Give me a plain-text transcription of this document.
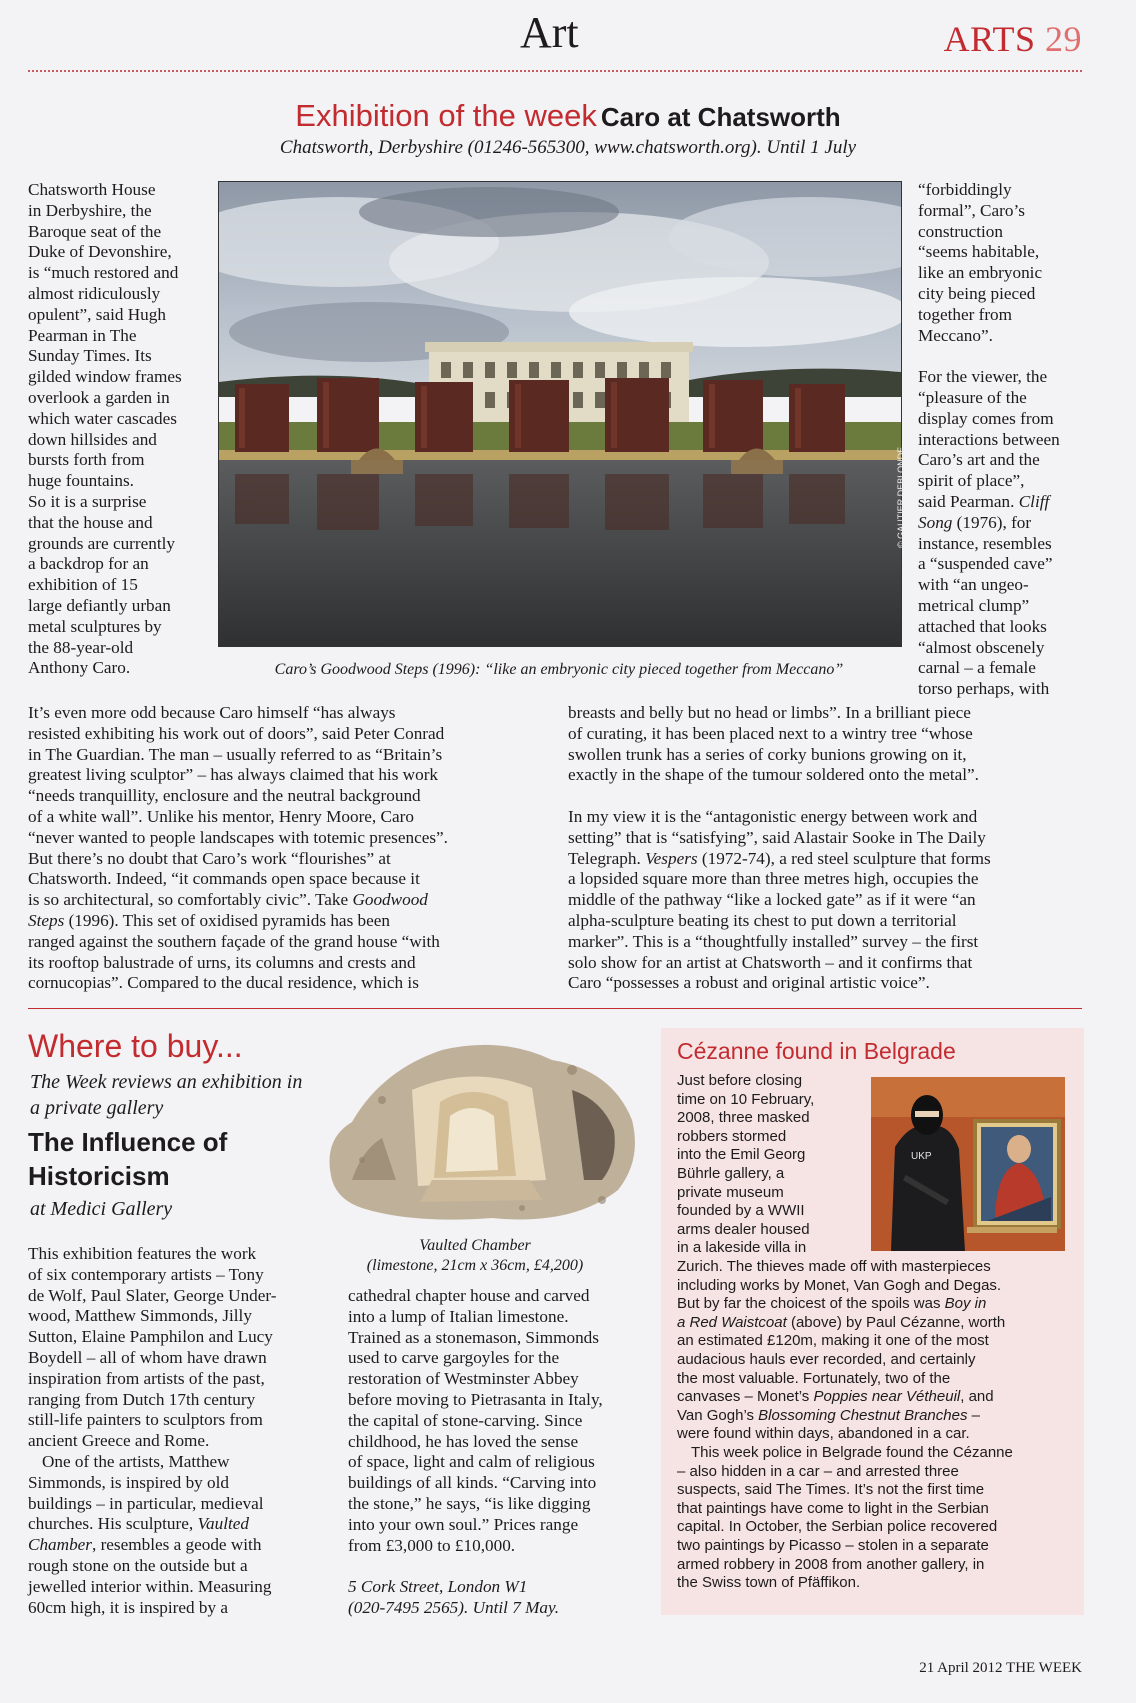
Art	ARTS 29
Exhibition of the week Caro at Chatsworth
Chatsworth, Derbyshire (01246-565300, www.chatsworth.org). Until 1 July
Chatsworth House
in Derbyshire, the
Baroque seat of the
Duke of Devonshire,
is “much restored and
almost ridiculously
opulent”, said Hugh
Pearman in The
Sunday Times. Its
gilded window frames
overlook a garden in
which water cascades
down hillsides and
bursts forth from
huge fountains.
So it is a surprise
that the house and
grounds are currently
a backdrop for an
exhibition of 15
large defiantly urban
metal sculptures by
the 88-year-old
Anthony Caro.
© GAUTIER DEBLONDE
Caro’s Goodwood Steps (1996): “like an embryonic city pieced together from Meccano”
“forbiddingly
formal”, Caro’s
construction
“seems habitable,
like an embryonic
city being pieced
together from
Meccano”.
For the viewer, the
“pleasure of the
display comes from
interactions between
Caro’s art and the
spirit of place”,
said Pearman. Cliff
Song (1976), for
instance, resembles
a “suspended cave”
with “an ungeo-
metrical clump”
attached that looks
“almost obscenely
carnal – a female
torso perhaps, with
It’s even more odd because Caro himself “has always
resisted exhibiting his work out of doors”, said Peter Conrad
in The Guardian. The man – usually referred to as “Britain’s
greatest living sculptor” – has always claimed that his work
“needs tranquillity, enclosure and the neutral background
of a white wall”. Unlike his mentor, Henry Moore, Caro
“never wanted to people landscapes with totemic presences”.
But there’s no doubt that Caro’s work “flourishes” at
Chatsworth. Indeed, “it commands open space because it
is so architectural, so comfortably civic”. Take Goodwood
Steps (1996). This set of oxidised pyramids has been
ranged against the southern façade of the grand house “with
its rooftop balustrade of urns, its columns and crests and
cornucopias”. Compared to the ducal residence, which is
breasts and belly but no head or limbs”. In a brilliant piece
of curating, it has been placed next to a wintry tree “whose
swollen trunk has a series of corky bunions growing on it,
exactly in the shape of the tumour soldered onto the metal”.
In my view it is the “antagonistic energy between work and
setting” that is “satisfying”, said Alastair Sooke in The Daily
Telegraph. Vespers (1972-74), a red steel sculpture that forms
a lopsided square more than three metres high, occupies the
middle of the pathway “like a locked gate” as if it were “an
alpha-sculpture beating its chest to put down a territorial
marker”. This is a “thoughtfully installed” survey – the first
solo show for an artist at Chatsworth – and it confirms that
Caro “possesses a robust and original artistic voice”.
Where to buy...
The Week reviews an exhibition in a private gallery
The Influence of
Historicism
at Medici Gallery
This exhibition features the work
of six contemporary artists – Tony
de Wolf, Paul Slater, George Under-
wood, Matthew Simmonds, Jilly
Sutton, Elaine Pamphilon and Lucy
Boydell – all of whom have drawn
inspiration from artists of the past,
ranging from Dutch 17th century
still-life painters to sculptors from
ancient Greece and Rome.
One of the artists, Matthew
Simmonds, is inspired by old
buildings – in particular, medieval
churches. His sculpture, Vaulted
Chamber, resembles a geode with
rough stone on the outside but a
jewelled interior within. Measuring
60cm high, it is inspired by a
Vaulted Chamber
(limestone, 21cm x 36cm, £4,200)
cathedral chapter house and carved
into a lump of Italian limestone.
Trained as a stonemason, Simmonds
used to carve gargoyles for the
restoration of Westminster Abbey
before moving to Pietrasanta in Italy,
the capital of stone-carving. Since
childhood, he has loved the sense
of space, light and calm of religious
buildings of all kinds. “Carving into
the stone,” he says, “is like digging
into your own soul.” Prices range
from £3,000 to £10,000.
5 Cork Street, London W1
(020-7495 2565). Until 7 May.
Cézanne found in Belgrade
UKP
Just before closing
time on 10 February,
2008, three masked
robbers stormed
into the Emil Georg
Bührle gallery, a
private museum
founded by a WWII
arms dealer housed
in a lakeside villa in
Zurich. The thieves made off with masterpieces
including works by Monet, Van Gogh and Degas.
But by far the choicest of the spoils was Boy in
a Red Waistcoat (above) by Paul Cézanne, worth
an estimated £120m, making it one of the most
audacious hauls ever recorded, and certainly
the most valuable. Fortunately, two of the
canvases – Monet’s Poppies near Vétheuil, and
Van Gogh’s Blossoming Chestnut Branches –
were found within days, abandoned in a car.
This week police in Belgrade found the Cézanne
– also hidden in a car – and arrested three
suspects, said The Times. It’s not the first time
that paintings have come to light in the Serbian
capital. In October, the Serbian police recovered
two paintings by Picasso – stolen in a separate
armed robbery in 2008 from another gallery, in
the Swiss town of Pfäffikon.
21 April 2012 THE WEEK
